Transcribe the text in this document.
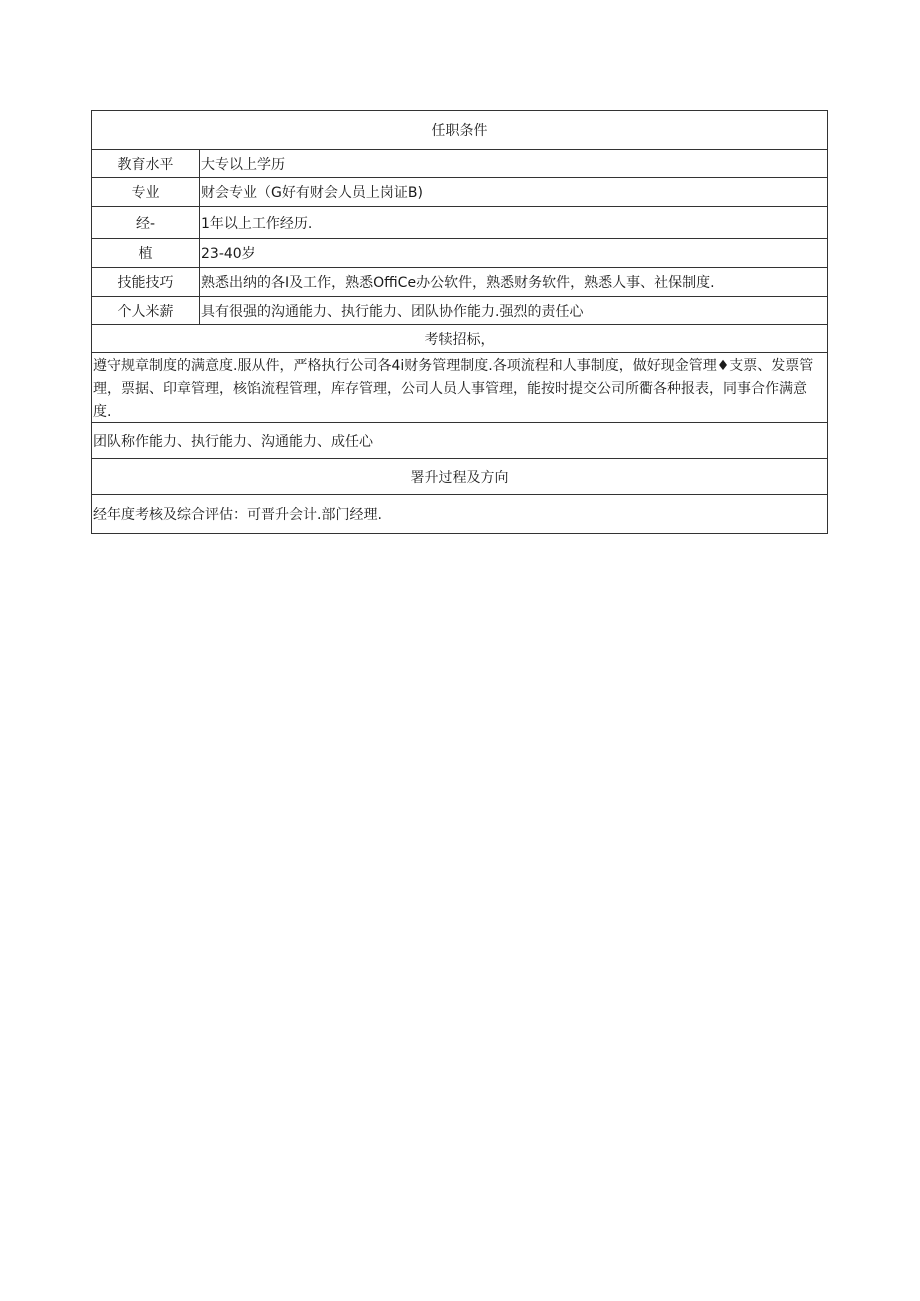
任职条件
教育水平	大专以上学历
专业	财会专业（G好有财会人员上岗证B)
经-	1年以上工作经历.
植	23-40岁
技能技巧	熟悉出纳的各I及工作，熟悉OffiCe办公软件，熟悉财务软件，熟悉人事、社保制度.
个人米薪	具有很强的沟通能力、执行能力、团队协作能力.强烈的责任心
考犊招标，
遵守规章制度的满意度.服从件，严格执行公司各4i财务管理制度.各项流程和人事制度，做好现金管理♦支票、发票管理，票据、印章管理，核馅流程管理，库存管理，公司人员人事管理，能按时提交公司所衢各种报表，同事合作满意度.
团队称作能力、执行能力、沟通能力、成任心
署升过程及方向
经年度考核及综合评估：可晋升会计.部门经理.
